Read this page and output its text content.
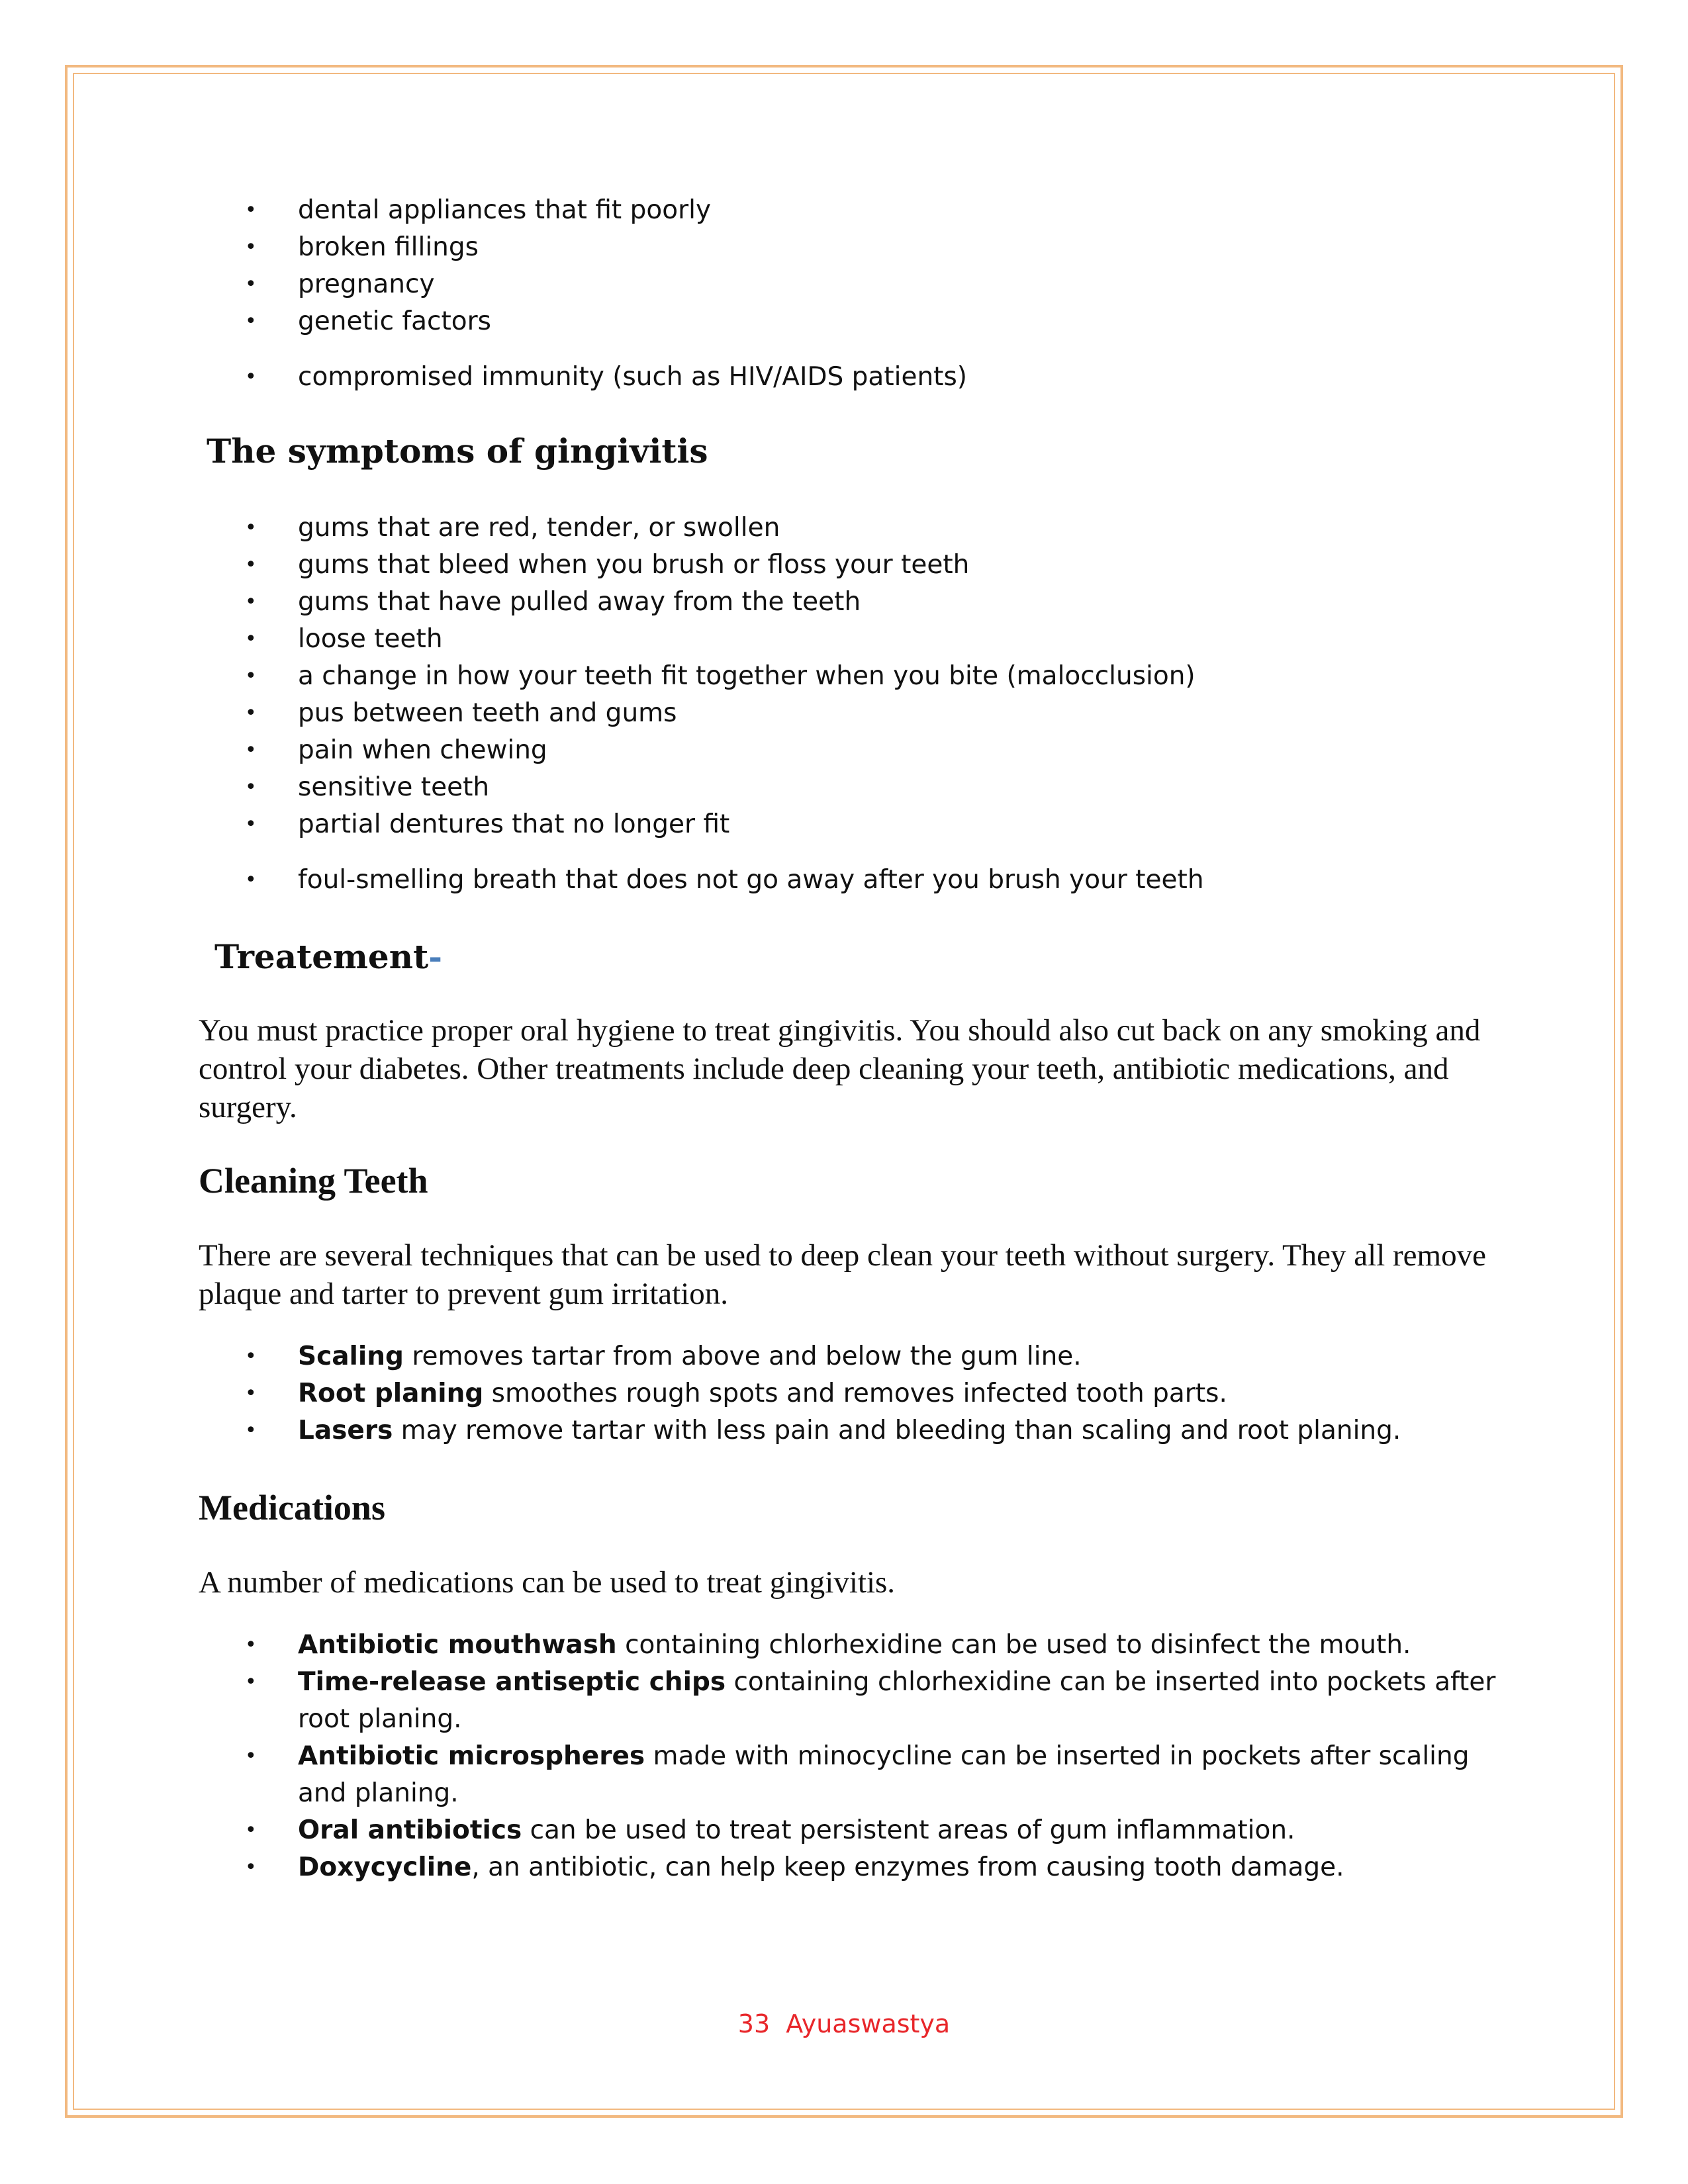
• dental appliances that fit poorly
• broken fillings
• pregnancy
• genetic factors
• compromised immunity (such as HIV/AIDS patients)
The symptoms of gingivitis
• gums that are red, tender, or swollen
• gums that bleed when you brush or floss your teeth
• gums that have pulled away from the teeth
• loose teeth
• a change in how your teeth fit together when you bite (malocclusion)
• pus between teeth and gums
• pain when chewing
• sensitive teeth
• partial dentures that no longer fit
• foul-smelling breath that does not go away after you brush your teeth
Treatement-

You must practice proper oral hygiene to treat gingivitis. You should also cut back on any smoking and control your diabetes. Other treatments include deep cleaning your teeth, antibiotic medications, and surgery.

Cleaning Teeth

There are several techniques that can be used to deep clean your teeth without surgery. They all remove plaque and tarter to prevent gum irritation.

• Scaling removes tartar from above and below the gum line.
• Root planing smoothes rough spots and removes infected tooth parts.
• Lasers may remove tartar with less pain and bleeding than scaling and root planing.
Medications

A number of medications can be used to treat gingivitis.

• Antibiotic mouthwash containing chlorhexidine can be used to disinfect the mouth.
• Time-release antiseptic chips containing chlorhexidine can be inserted into pockets after root planing.
• Antibiotic microspheres made with minocycline can be inserted in pockets after scaling and planing.
• Oral antibiotics can be used to treat persistent areas of gum inflammation.
• Doxycycline, an antibiotic, can help keep enzymes from causing tooth damage.
33 Ayuaswastya
